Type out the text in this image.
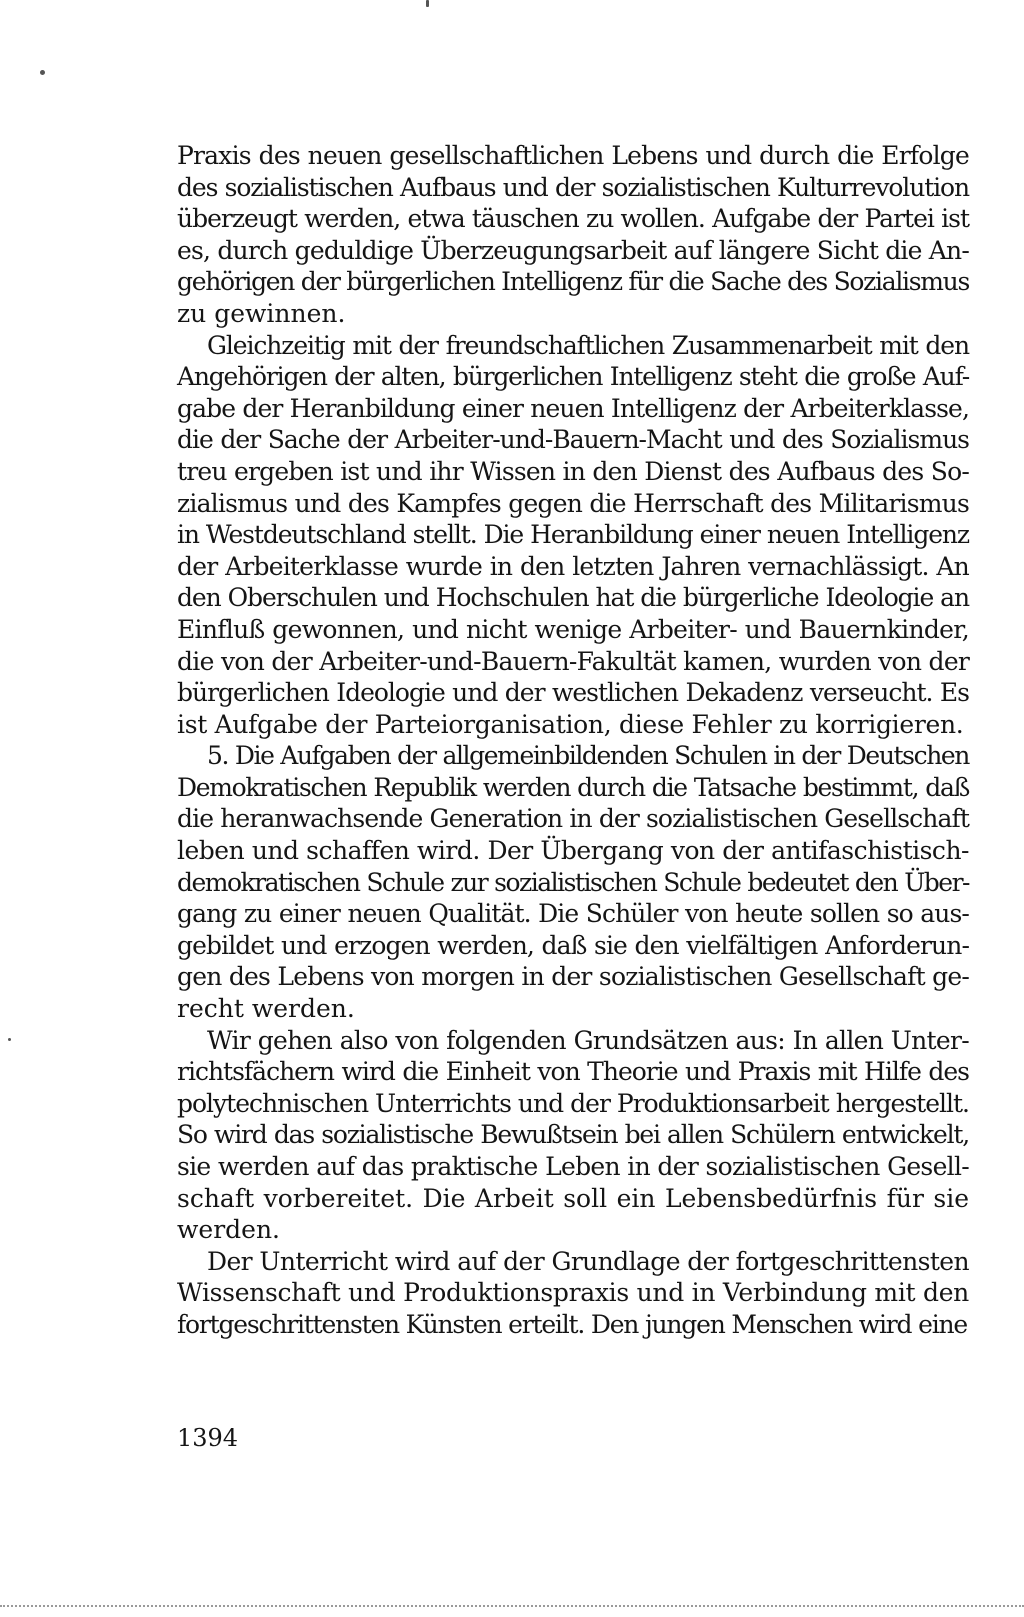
Praxis des neuen gesellschaftlichen Lebens und durch die Erfolge
des sozialistischen Aufbaus und der sozialistischen Kulturrevolution
überzeugt werden, etwa täuschen zu wollen. Aufgabe der Partei ist
es, durch geduldige Überzeugungsarbeit auf längere Sicht die An-
gehörigen der bürgerlichen Intelligenz für die Sache des Sozialismus
zu gewinnen.
Gleichzeitig mit der freundschaftlichen Zusammenarbeit mit den
Angehörigen der alten, bürgerlichen Intelligenz steht die große Auf-
gabe der Heranbildung einer neuen Intelligenz der Arbeiterklasse,
die der Sache der Arbeiter-und-Bauern-Macht und des Sozialismus
treu ergeben ist und ihr Wissen in den Dienst des Aufbaus des So-
zialismus und des Kampfes gegen die Herrschaft des Militarismus
in Westdeutschland stellt. Die Heranbildung einer neuen Intelligenz
der Arbeiterklasse wurde in den letzten Jahren vernachlässigt. An
den Oberschulen und Hochschulen hat die bürgerliche Ideologie an
Einfluß gewonnen, und nicht wenige Arbeiter- und Bauernkinder,
die von der Arbeiter-und-Bauern-Fakultät kamen, wurden von der
bürgerlichen Ideologie und der westlichen Dekadenz verseucht. Es
ist Aufgabe der Parteiorganisation, diese Fehler zu korrigieren.
5. Die Aufgaben der allgemeinbildenden Schulen in der Deutschen
Demokratischen Republik werden durch die Tatsache bestimmt, daß
die heranwachsende Generation in der sozialistischen Gesellschaft
leben und schaffen wird. Der Übergang von der antifaschistisch-
demokratischen Schule zur sozialistischen Schule bedeutet den Über-
gang zu einer neuen Qualität. Die Schüler von heute sollen so aus-
gebildet und erzogen werden, daß sie den vielfältigen Anforderun-
gen des Lebens von morgen in der sozialistischen Gesellschaft ge-
recht werden.
Wir gehen also von folgenden Grundsätzen aus: In allen Unter-
richtsfächern wird die Einheit von Theorie und Praxis mit Hilfe des
polytechnischen Unterrichts und der Produktionsarbeit hergestellt.
So wird das sozialistische Bewußtsein bei allen Schülern entwickelt,
sie werden auf das praktische Leben in der sozialistischen Gesell-
schaft vorbereitet. Die Arbeit soll ein Lebensbedürfnis für sie
werden.
Der Unterricht wird auf der Grundlage der fortgeschrittensten
Wissenschaft und Produktionspraxis und in Verbindung mit den
fortgeschrittensten Künsten erteilt. Den jungen Menschen wird eine
1394
